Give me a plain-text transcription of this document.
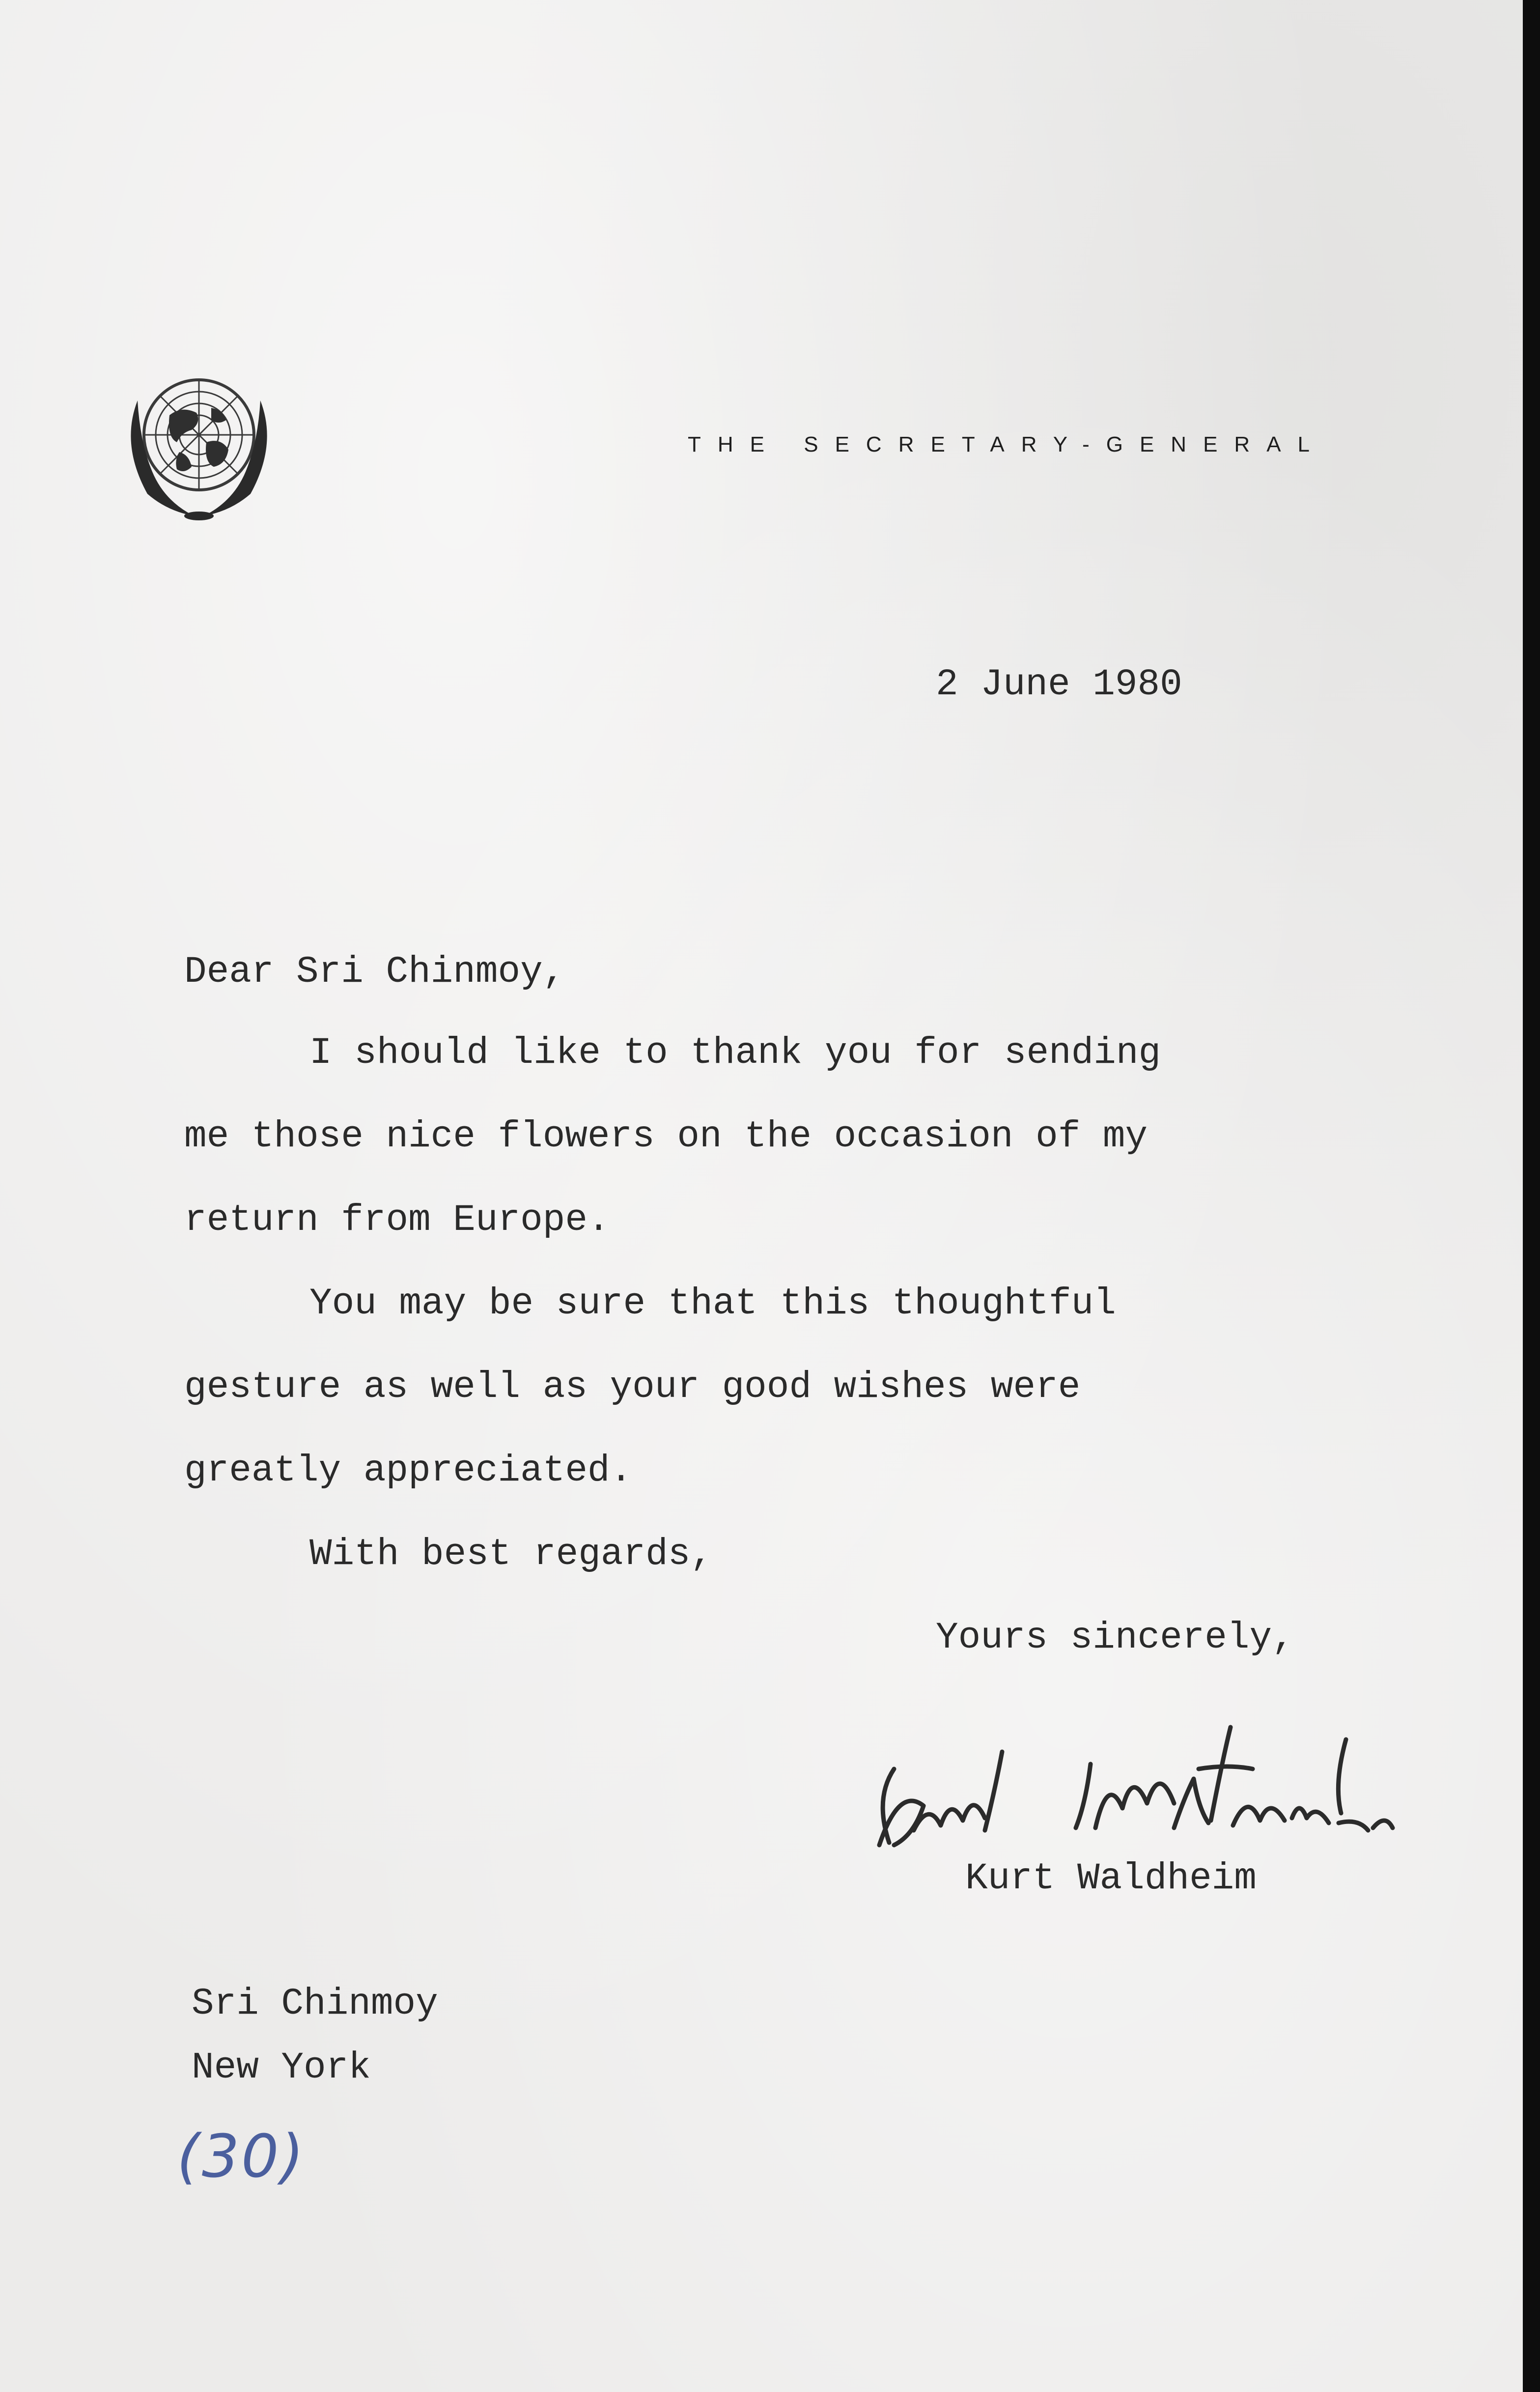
THE SECRETARY-GENERAL
2 June 1980
Dear Sri Chinmoy,
I should like to thank you for sending
me those nice flowers on the occasion of my
return from Europe.
You may be sure that this thoughtful
gesture as well as your good wishes were
greatly appreciated.
With best regards,
Yours sincerely,
Kurt Waldheim
Sri Chinmoy
New York
(30)
